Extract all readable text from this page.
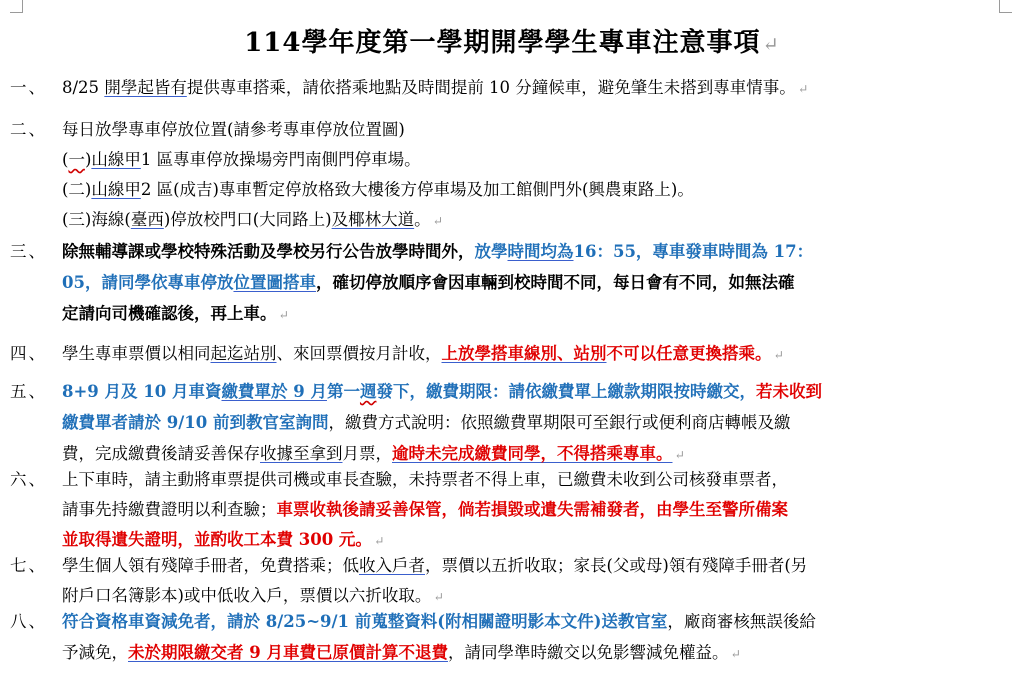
114學年度第一學期開學學生專車注意事項 ↵
一、 8/25 開學起皆有提供專車搭乘，請依搭乘地點及時間提前 10 分鐘候車，避免肇生未搭到專車情事。 ↵
二、 每日放學專車停放位置(請參考專車停放位置圖)
(一)山線甲1 區專車停放操場旁門南側門停車場。
(二)山線甲2 區(成吉)專車暫定停放格致大樓後方停車場及加工館側門外(興農東路上)。
(三)海線(臺西)停放校門口(大同路上)及椰林大道。 ↵
三、 除無輔導課或學校特殊活動及學校另行公告放學時間外，放學時間均為16：55，專車發車時間為 17：
05，請同學依專車停放位置圖搭車，確切停放順序會因車輛到校時間不同，每日會有不同，如無法確
定請向司機確認後，再上車。 ↵
四、 學生專車票價以相同起迄站別、來回票價按月計收，上放學搭車線別、站別不可以任意更換搭乘。 ↵
五、 8+9 月及 10 月車資繳費單於 9 月第一週發下，繳費期限：請依繳費單上繳款期限按時繳交，若未收到
繳費單者請於 9/10 前到教官室詢問，繳費方式說明：依照繳費單期限可至銀行或便利商店轉帳及繳
費，完成繳費後請妥善保存收據至拿到月票，逾時未完成繳費同學，不得搭乘專車。 ↵
六、 上下車時，請主動將車票提供司機或車長查驗，未持票者不得上車，已繳費未收到公司核發車票者，
請事先持繳費證明以利查驗；車票收執後請妥善保管，倘若損毀或遺失需補發者，由學生至警所備案
並取得遺失證明，並酌收工本費 300 元。 ↵
七、 學生個人領有殘障手冊者，免費搭乘；低收入戶者，票價以五折收取；家長(父或母)領有殘障手冊者(另
附戶口名簿影本)或中低收入戶，票價以六折收取。 ↵
八、 符合資格車資減免者，請於 8/25~9/1 前蒐整資料(附相關證明影本文件)送教官室，廠商審核無誤後給
予減免，未於期限繳交者 9 月車費已原價計算不退費，請同學準時繳交以免影響減免權益。 ↵
